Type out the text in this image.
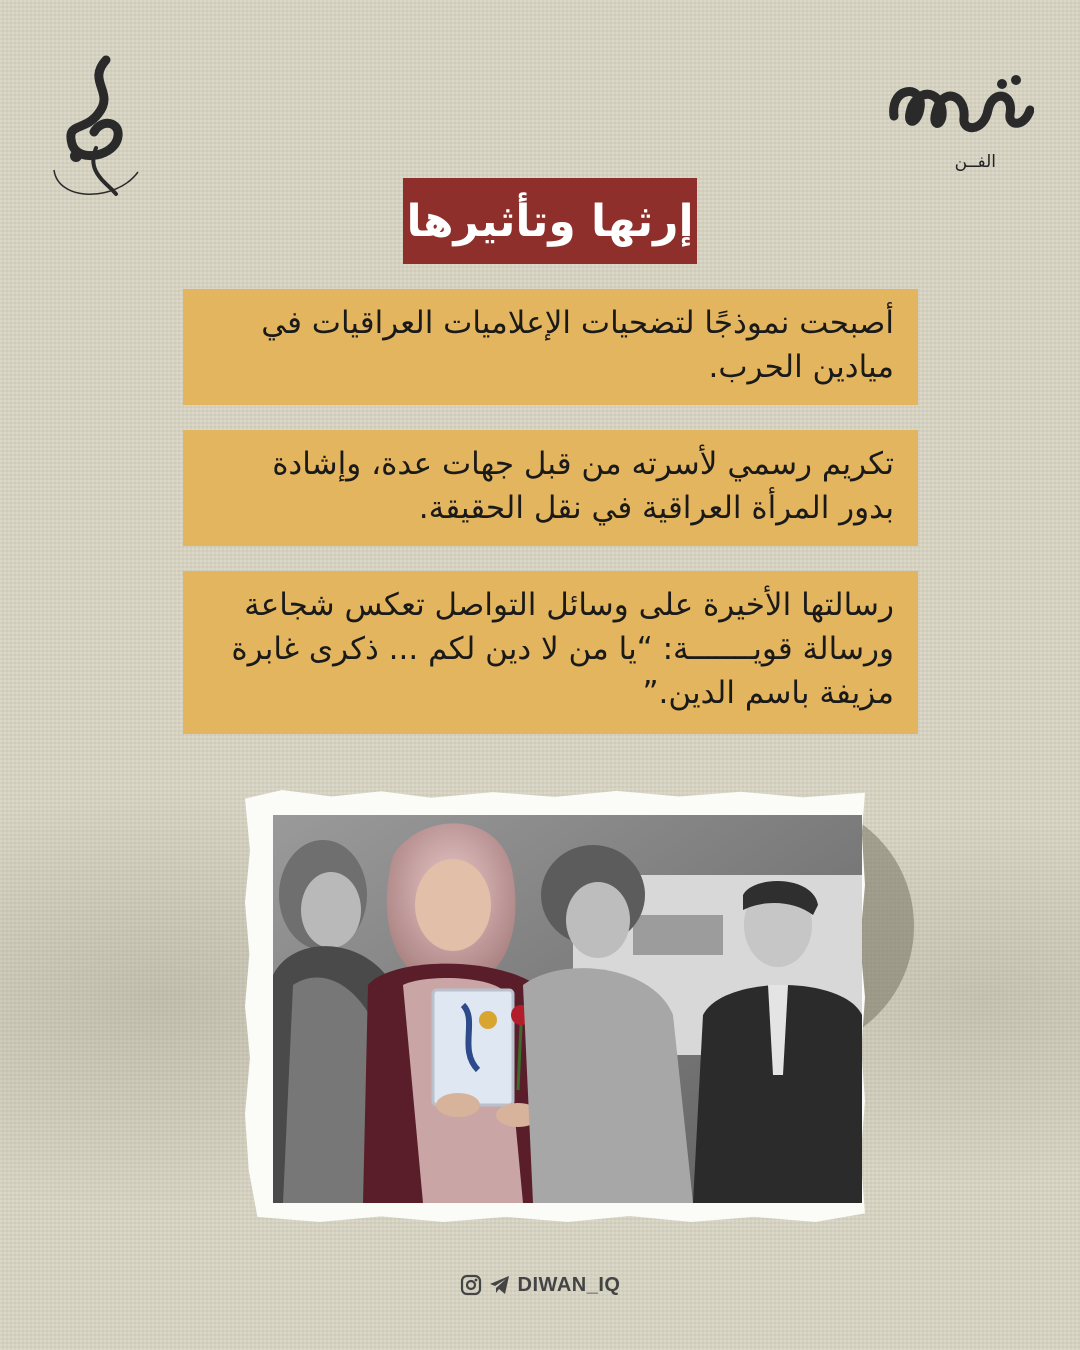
الفــن
إرثها وتأثيرها
أصبحت نموذجًا لتضحيات الإعلاميات العراقيات في ميادين الحرب.
تكريم رسمي لأسرته من قبل جهات عدة، وإشادة بدور المرأة العراقية في نقل الحقيقة.
رسالتها الأخيرة على وسائل التواصل تعكس شجاعة ورسالة قويـــــــة: “يا من لا دين لكم ... ذكرى غابرة مزيفة باسم الدين.”
DIWAN_IQ
